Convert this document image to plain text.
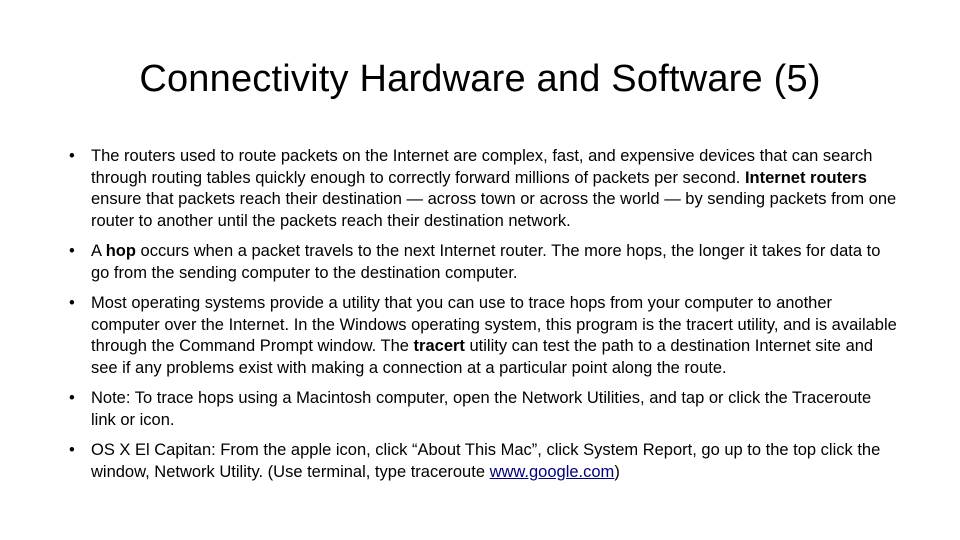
Connectivity Hardware and Software (5)
• The routers used to route packets on the Internet are complex, fast, and expensive devices that can search through routing tables quickly enough to correctly forward millions of packets per second. Internet routers ensure that packets reach their destination — across town or across the world — by sending packets from one router to another until the packets reach their destination network.
• A hop occurs when a packet travels to the next Internet router. The more hops, the longer it takes for data to go from the sending computer to the destination computer.
• Most operating systems provide a utility that you can use to trace hops from your computer to another computer over the Internet. In the Windows operating system, this program is the tracert utility, and is available through the Command Prompt window. The tracert utility can test the path to a destination Internet site and see if any problems exist with making a connection at a particular point along the route.
• Note: To trace hops using a Macintosh computer, open the Network Utilities, and tap or click the Traceroute link or icon.
• OS X El Capitan: From the apple icon, click “About This Mac”, click System Report, go up to the top click the window, Network Utility. (Use terminal, type traceroute www.google.com)
